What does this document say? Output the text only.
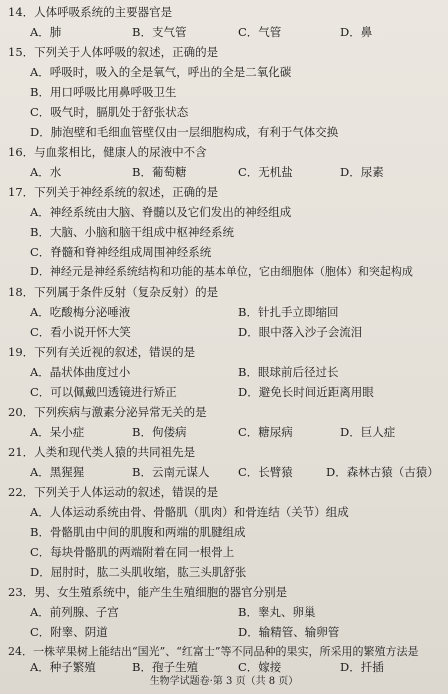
14．人体呼吸系统的主要器官是
A．肺	B．支气管	C．气管	D．鼻
15．下列关于人体呼吸的叙述，正确的是
A．呼吸时，吸入的全是氧气，呼出的全是二氧化碳
B．用口呼吸比用鼻呼吸卫生
C．吸气时，膈肌处于舒张状态
D．肺泡壁和毛细血管壁仅由一层细胞构成，有利于气体交换
16．与血浆相比，健康人的尿液中不含
A．水	B．葡萄糖	C．无机盐	D．尿素
17．下列关于神经系统的叙述，正确的是
A．神经系统由大脑、脊髓以及它们发出的神经组成
B．大脑、小脑和脑干组成中枢神经系统
C．脊髓和脊神经组成周围神经系统
D．神经元是神经系统结构和功能的基本单位，它由细胞体（胞体）和突起构成
18．下列属于条件反射（复杂反射）的是
A．吃酸梅分泌唾液	B．针扎手立即缩回
C．看小说开怀大笑	D．眼中落入沙子会流泪
19．下列有关近视的叙述，错误的是
A．晶状体曲度过小	B．眼球前后径过长
C．可以佩戴凹透镜进行矫正	D．避免长时间近距离用眼
20．下列疾病与激素分泌异常无关的是
A．呆小症	B．佝偻病	C．糖尿病	D．巨人症
21．人类和现代类人猿的共同祖先是
A．黑猩猩	B．云南元谋人 C．长臂猿	D．森林古猿（古猿）
22．下列关于人体运动的叙述，错误的是
A．人体运动系统由骨、骨骼肌（肌肉）和骨连结（关节）组成
B．骨骼肌由中间的肌腹和两端的肌腱组成
C．每块骨骼肌的两端附着在同一根骨上
D．屈肘时，肱二头肌收缩，肱三头肌舒张
23．男、女生殖系统中，能产生生殖细胞的器官分别是
A．前列腺、子宫	B．睾丸、卵巢
C．附睾、阴道	D．输精管、输卵管
24．一株苹果树上能结出“国光”、“红富士”等不同品种的果实，所采用的繁殖方法是
A．种子繁殖	B．孢子生殖	C．嫁接	D．扦插
生物学试题卷·第 3 页（共 8 页）
